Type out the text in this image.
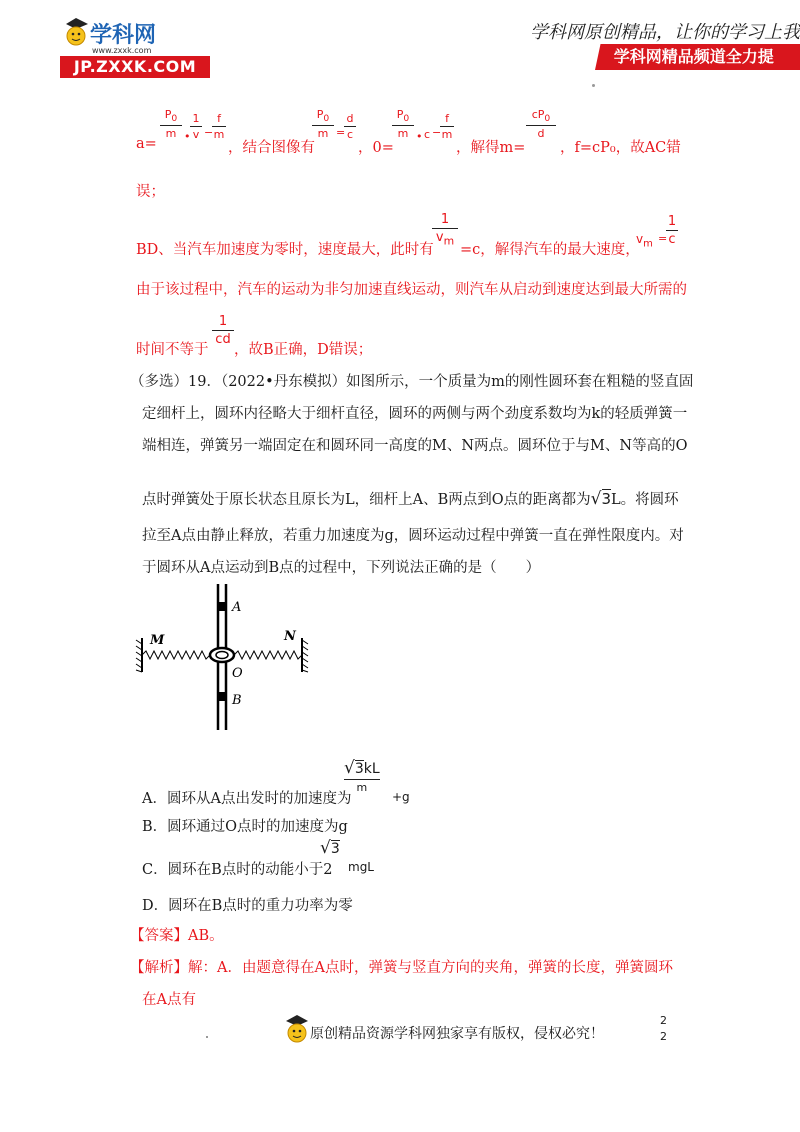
学科网
www.zxxk.com
JP.ZXXK.COM
学科网原创精品，让你的学习上我
学科网精品频道全力提
a=
$P_0$
m •
1
v −
f
m
，结合图像有
$P_0$
m =
d
c
，0=
$P_0$
m • c −
f
m
，解得m=
$cP_0$
d
，f=cP₀，故AC错
误；
BD、当汽车加速度为零时，速度最大，此时有
1
$v_m$
=c，解得汽车的最大速度，
$v_m$ =
1
c
由于该过程中，汽车的运动为非匀加速直线运动，则汽车从启动到速度达到最大所需的
时间不等于
1
cd
，故B正确，D错误；
（多选）19．（2022•丹东模拟）如图所示，一个质量为m的刚性圆环套在粗糙的竖直固
定细杆上，圆环内径略大于细杆直径，圆环的两侧与两个劲度系数均为k的轻质弹簧一
端相连，弹簧另一端固定在和圆环同一高度的M、N两点。圆环位于与M、N等高的O
点时弹簧处于原长状态且原长为L，细杆上A、B两点到O点的距离都为√3L。将圆环
拉至A点由静止释放，若重力加速度为g，圆环运动过程中弹簧一直在弹性限度内。对
于圆环从A点运动到B点的过程中，下列说法正确的是（　　）
A
M	N
O
B
A．圆环从A点出发时的加速度为
√3kL
m
+g
B．圆环通过O点时的加速度为g
C．圆环在B点时的动能小于2
√3
mgL
D．圆环在B点时的重力功率为零
【答案】AB。
【解析】解：A．由题意得在A点时，弹簧与竖直方向的夹角，弹簧的长度，弹簧圆环
在A点有
原创精品资源学科网独家享有版权，侵权必究！
2
2
